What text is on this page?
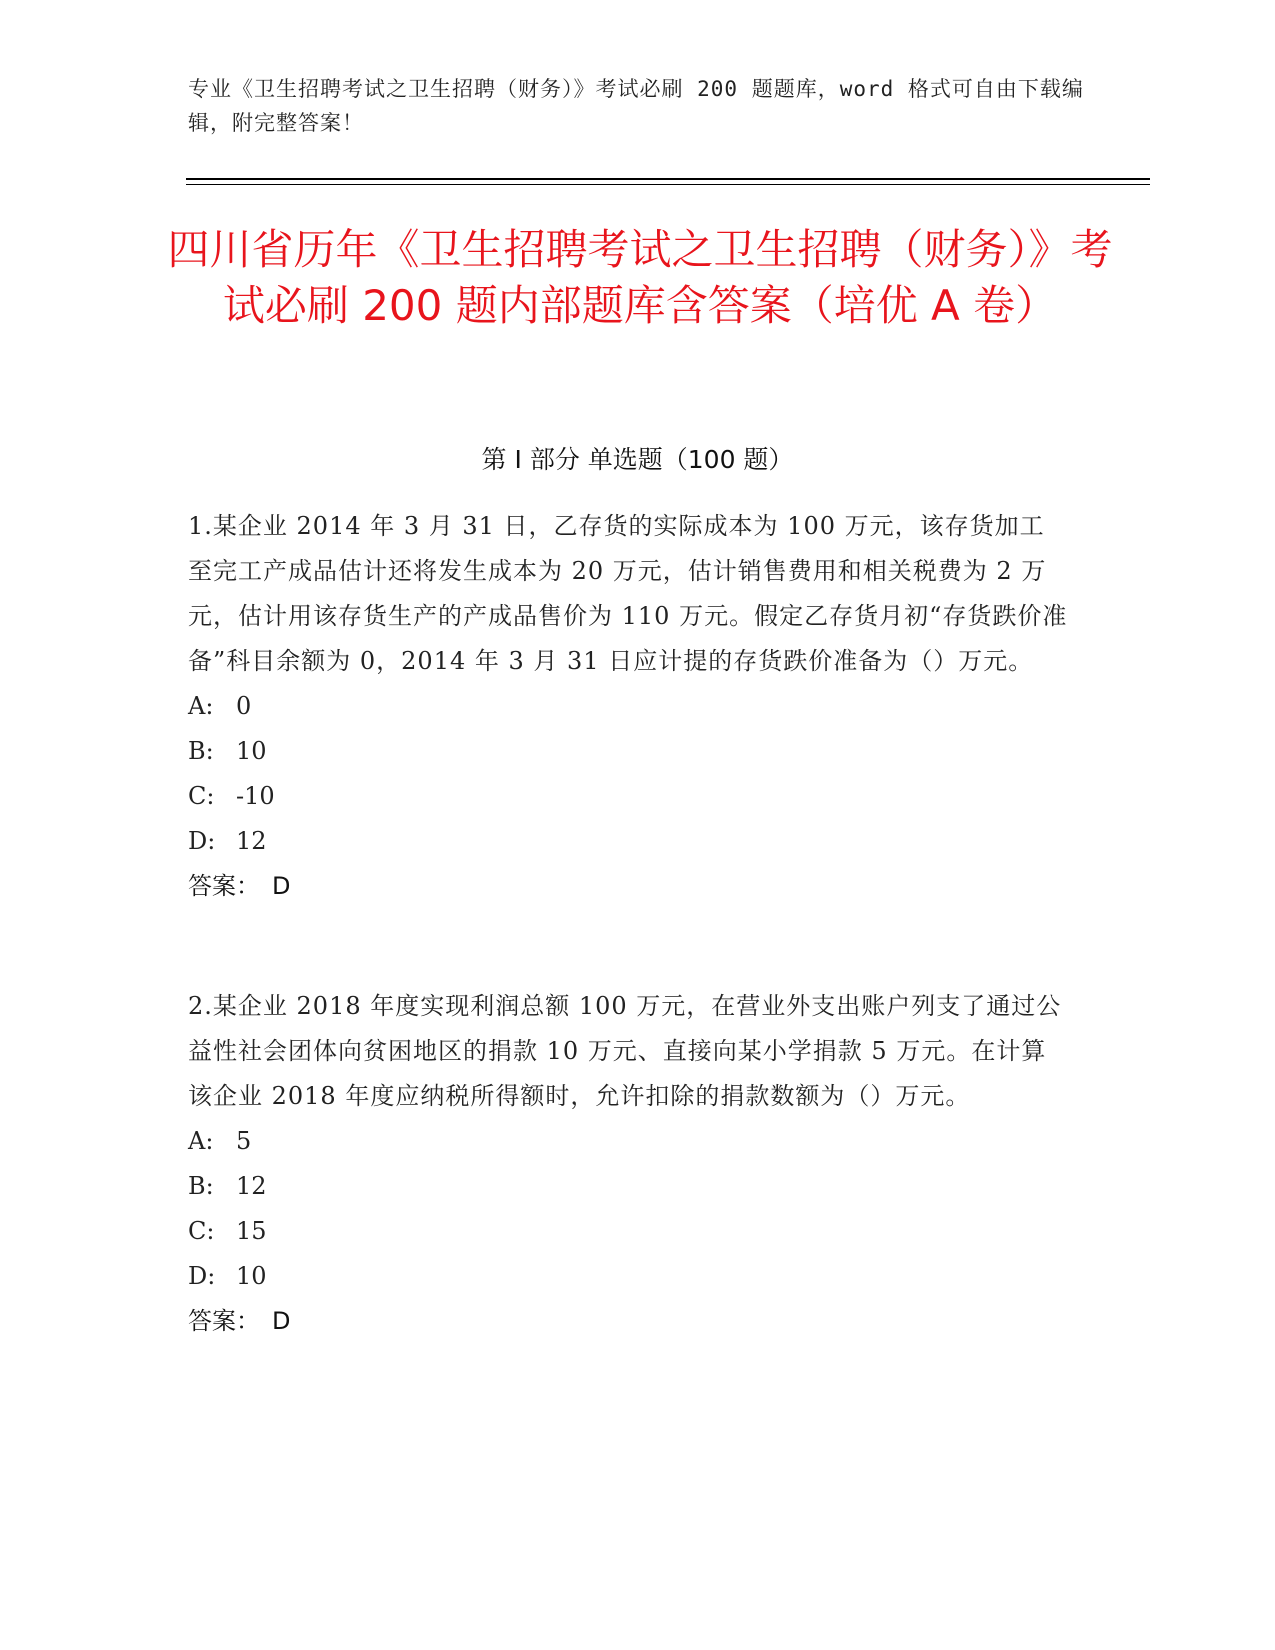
专业《卫生招聘考试之卫生招聘（财务）》考试必刷 200 题题库，word 格式可自由下载编辑，附完整答案！
四川省历年《卫生招聘考试之卫生招聘（财务）》考试必刷 200 题内部题库含答案（培优 A 卷）
第 I 部分 单选题（100 题）

1.某企业 2014 年 3 月 31 日，乙存货的实际成本为 100 万元，该存货加工至完工产成品估计还将发生成本为 20 万元，估计销售费用和相关税费为 2 万元，估计用该存货生产的产成品售价为 110 万元。假定乙存货月初“存货跌价准备”科目余额为 0，2014 年 3 月 31 日应计提的存货跌价准备为（）万元。

A: 0
B: 10
C: -10
D: 12
答案： D

2.某企业 2018 年度实现利润总额 100 万元，在营业外支出账户列支了通过公益性社会团体向贫困地区的捐款 10 万元、直接向某小学捐款 5 万元。在计算该企业 2018 年度应纳税所得额时，允许扣除的捐款数额为（）万元。

A: 5
B: 12
C: 15
D: 10
答案： D
